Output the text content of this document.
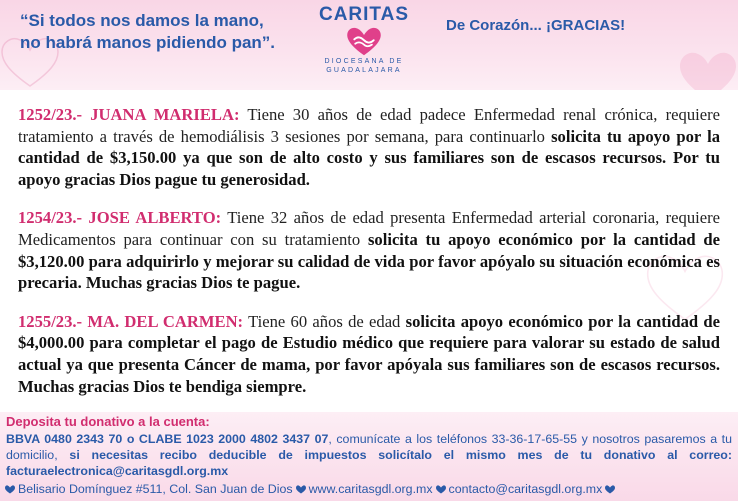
“Si todos nos damos la mano,
no habrá manos pidiendo pan”.
CARITAS
DIOCESANA DE
GUADALAJARA
De Corazón... ¡GRACIAS!

1252/23.- JUANA MARIELA: Tiene 30 años de edad padece Enfermedad renal crónica, requiere tratamiento a través de hemodiálisis 3 sesiones por semana, para continuarlo solicita tu apoyo por la cantidad de $3,150.00 ya que son de alto costo y sus familiares son de escasos recursos. Por tu apoyo gracias Dios pague tu generosidad.

1254/23.- JOSE ALBERTO: Tiene 32 años de edad presenta Enfermedad arterial coronaria, requiere Medicamentos para continuar con su tratamiento solicita tu apoyo económico por la cantidad de $3,120.00 para adquirirlo y mejorar su calidad de vida por favor apóyalo su situación económica es precaria. Muchas gracias Dios te pague.

1255/23.- MA. DEL CARMEN: Tiene 60 años de edad solicita apoyo económico por la cantidad de $4,000.00 para completar el pago de Estudio médico que requiere para valorar su estado de salud actual ya que presenta Cáncer de mama, por favor apóyala sus familiares son de escasos recursos. Muchas gracias Dios te bendiga siempre.

Deposita tu donativo a la cuenta:
BBVA 0480 2343 70 o CLABE 1023 2000 4802 3437 07, comunícate a los teléfonos 33-36-17-65-55 y nosotros pasaremos a tu domicilio, si necesitas recibo deducible de impuestos solicítalo el mismo mes de tu donativo al correo: facturaelectronica@caritasgdl.org.mx
Belisario Domínguez #511, Col. San Juan de Dios www.caritasgdl.org.mx contacto@caritasgdl.org.mx
